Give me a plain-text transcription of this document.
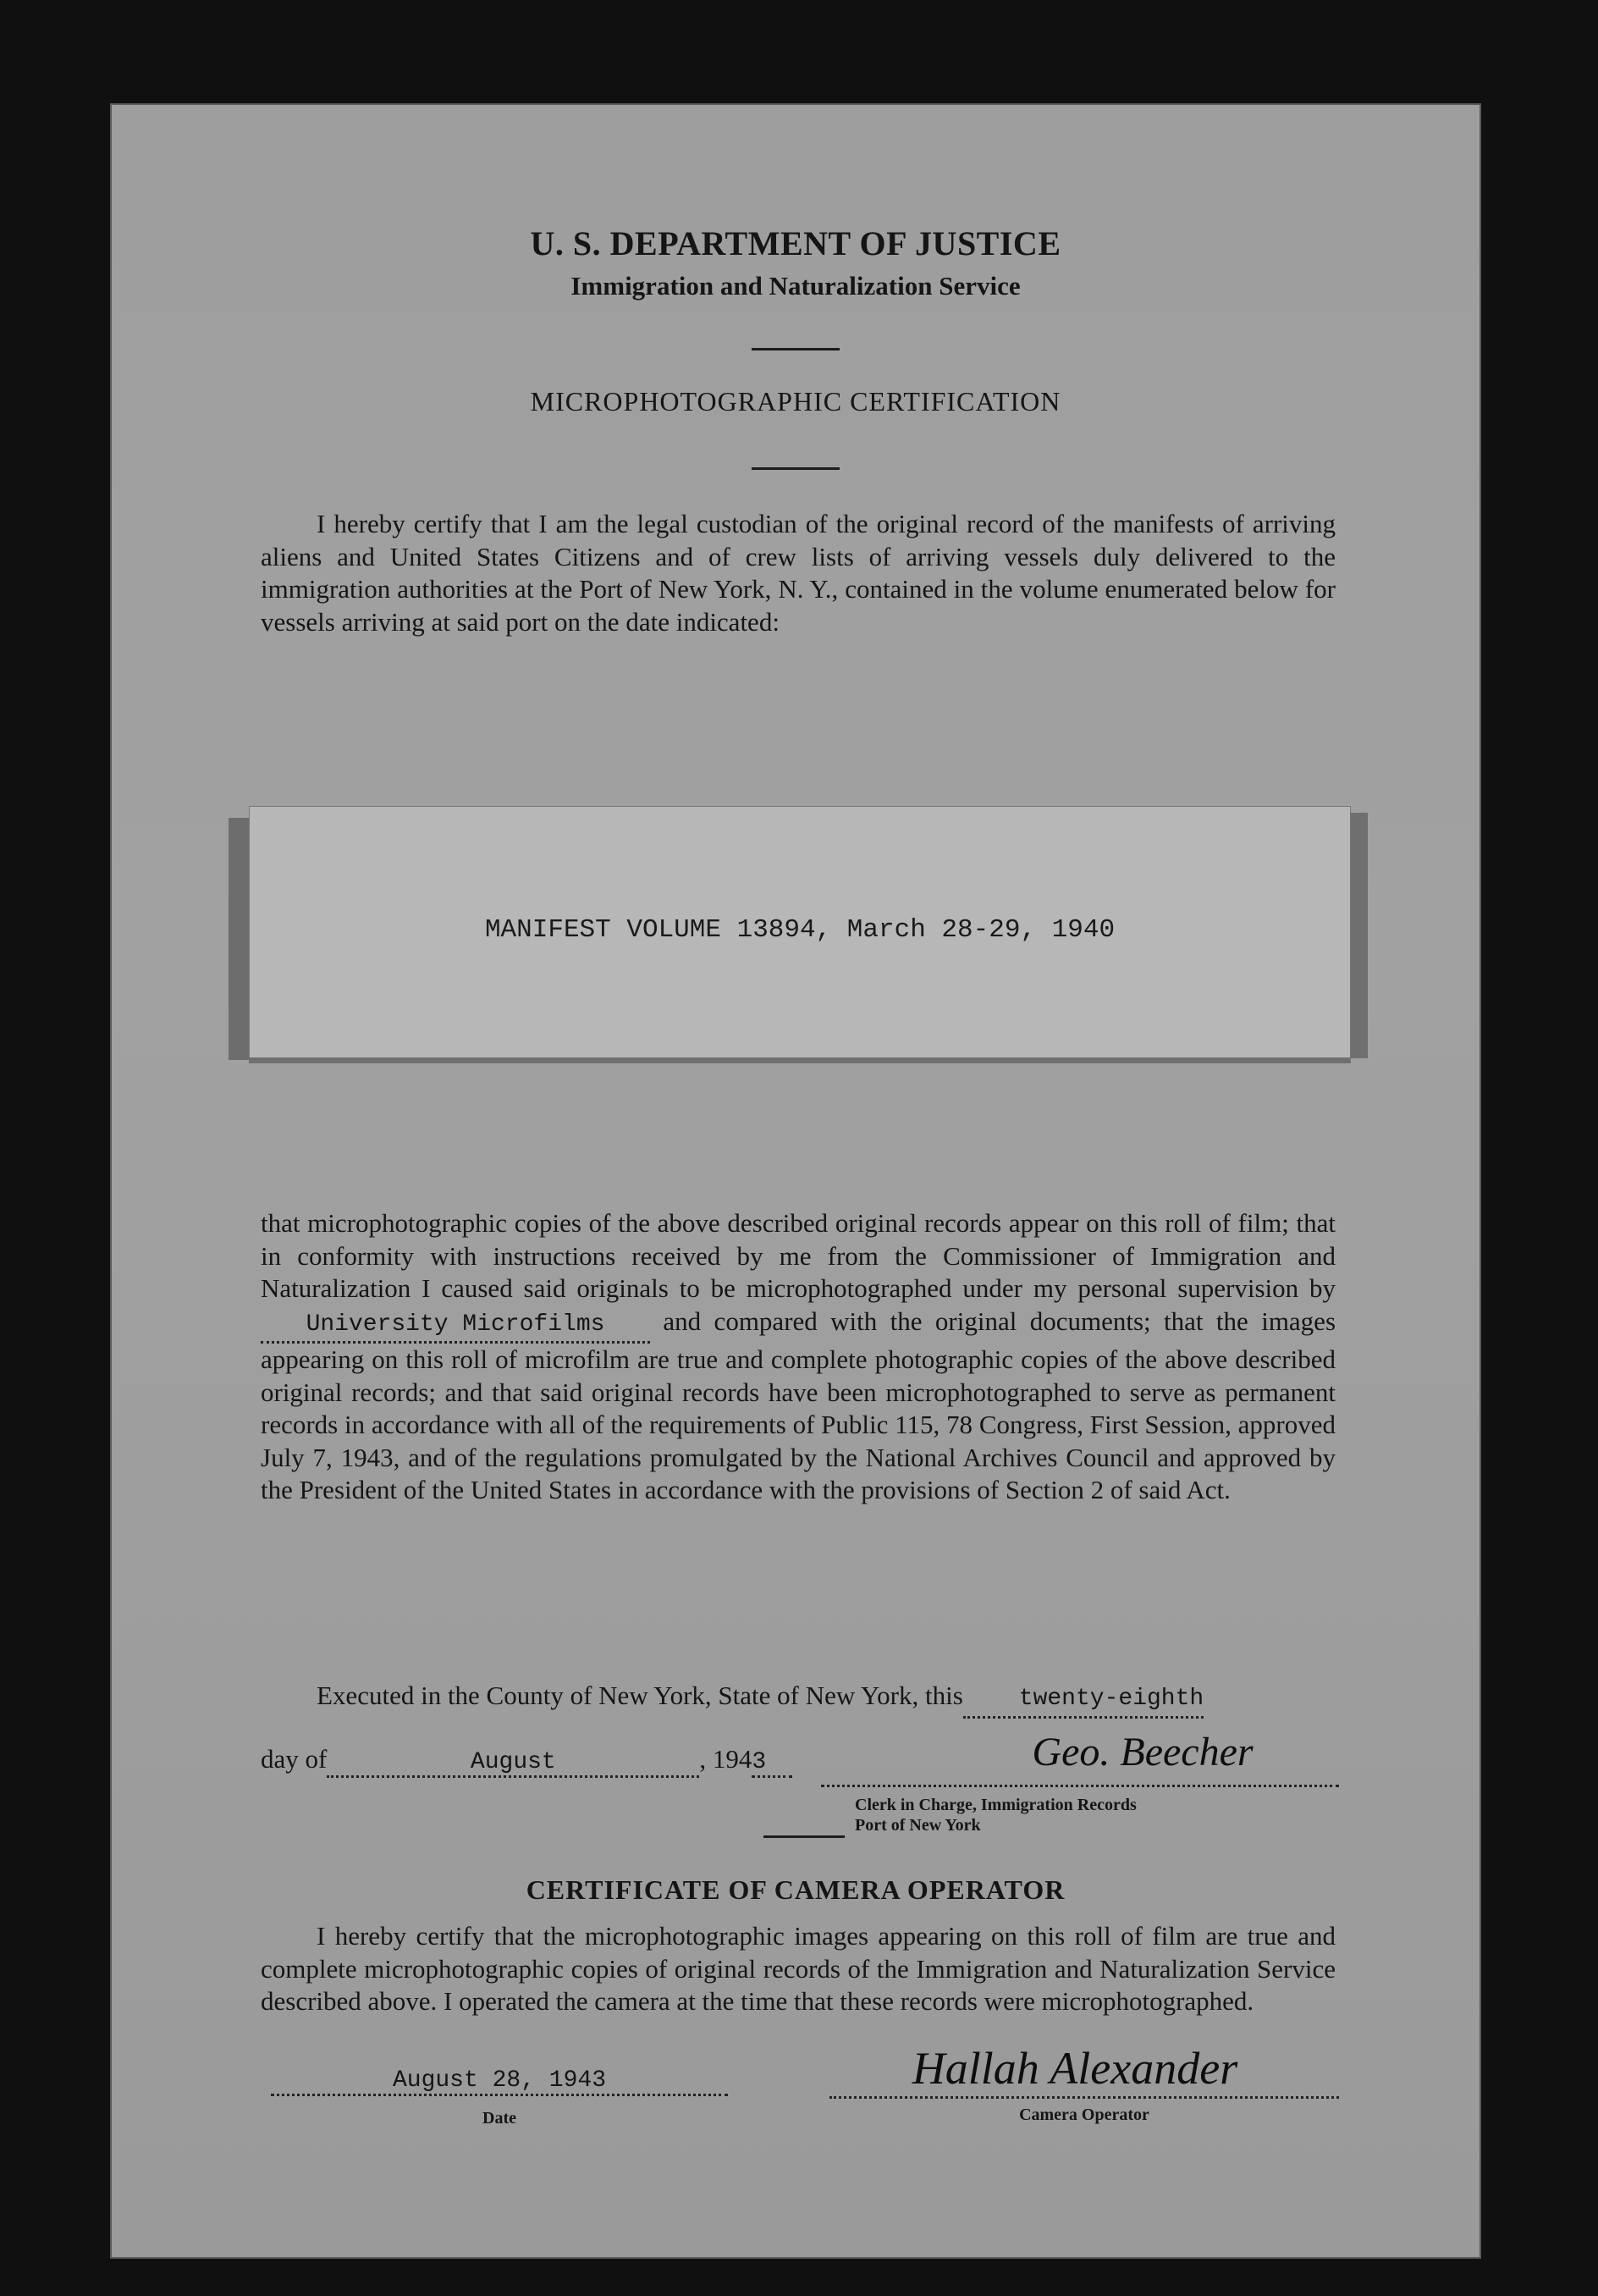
U. S. DEPARTMENT OF JUSTICE
Immigration and Naturalization Service
MICROPHOTOGRAPHIC CERTIFICATION

I hereby certify that I am the legal custodian of the original record of the manifests of arriving aliens and United States Citizens and of crew lists of arriving vessels duly delivered to the immigration authorities at the Port of New York, N. Y., contained in the volume enumerated below for vessels arriving at said port on the date indicated:

MANIFEST VOLUME 13894, March 28-29, 1940

that microphotographic copies of the above described original records appear on this roll of film; that in conformity with instructions received by me from the Commissioner of Immigration and Naturalization I caused said originals to be microphotographed under my personal supervision byUniversity Microfilms and compared with the original documents; that the images appearing on this roll of microfilm are true and complete photographic copies of the above described original records; and that said original records have been microphotographed to serve as permanent records in accordance with all of the requirements of Public 115, 78 Congress, First Session, approved July 7, 1943, and of the regulations promulgated by the National Archives Council and approved by the President of the United States in accordance with the provisions of Section 2 of said Act.

Executed in the County of New York, State of New York, this twenty-eighth

day of	August	, 1943	Geo. Beecher
Clerk in Charge, Immigration Records
Port of New York
CERTIFICATE OF CAMERA OPERATOR

I hereby certify that the microphotographic images appearing on this roll of film are true and complete microphotographic copies of original records of the Immigration and Naturalization Service described above. I operated the camera at the time that these records were microphotographed.

August 28, 1943
Date
Hallah Alexander
Camera Operator
